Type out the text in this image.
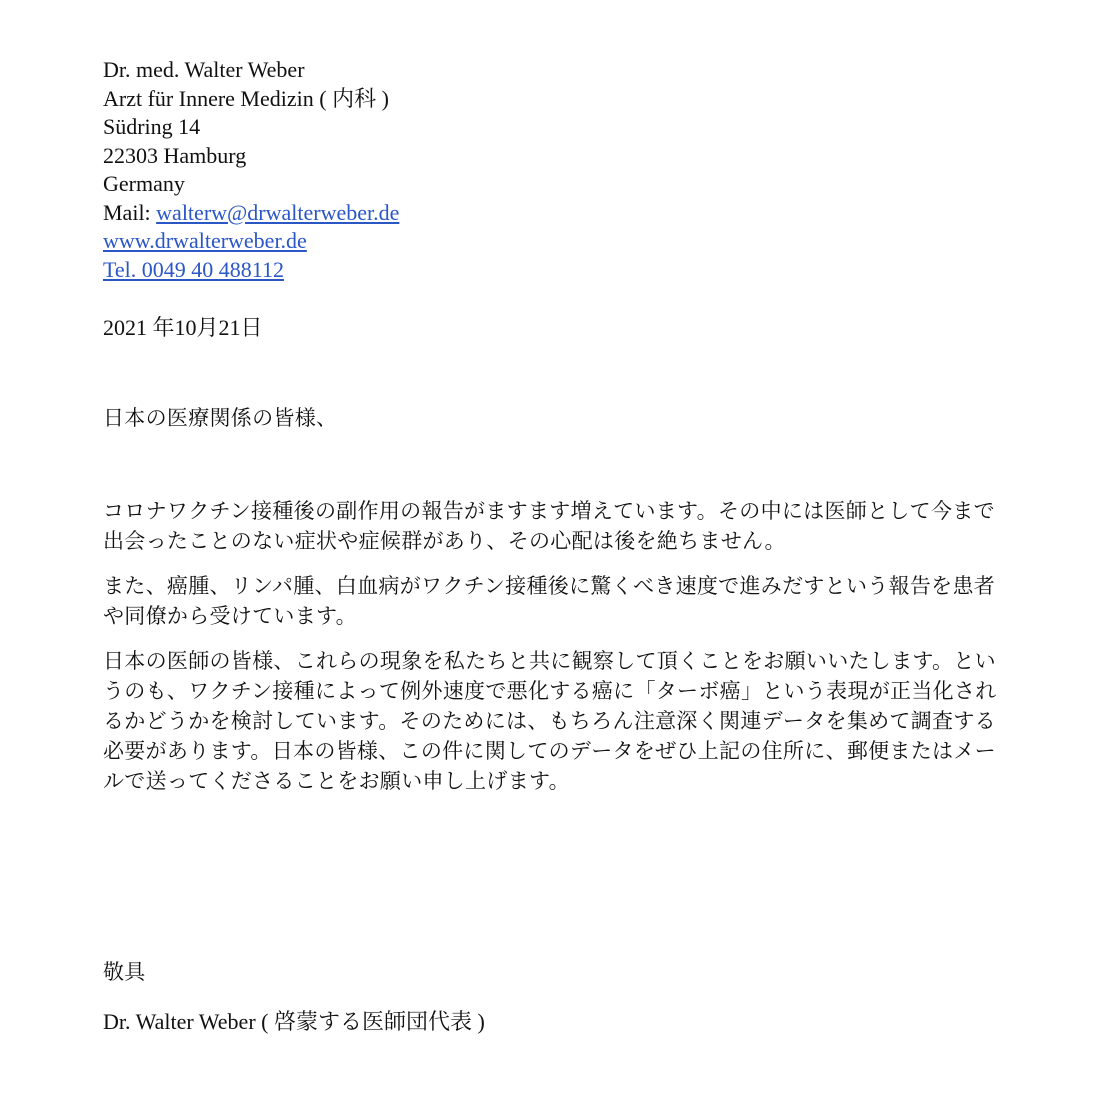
Dr. med. Walter Weber
Arzt für Innere Medizin ( 内科 )
Südring 14
22303 Hamburg
Germany
Mail: walterw@drwalterweber.de
www.drwalterweber.de
Tel. 0049 40 488112
2021 年10月21日
日本の医療関係の皆様、

コロナワクチン接種後の副作用の報告がますます増えています。その中には医師として今まで出会ったことのない症状や症候群があり、その心配は後を絶ちません。

また、癌腫、リンパ腫、白血病がワクチン接種後に驚くべき速度で進みだすという報告を患者や同僚から受けています。

日本の医師の皆様、これらの現象を私たちと共に観察して頂くことをお願いいたします。というのも、ワクチン接種によって例外速度で悪化する癌に「ターボ癌」という表現が正当化されるかどうかを検討しています。そのためには、もちろん注意深く関連データを集めて調査する必要があります。日本の皆様、この件に関してのデータをぜひ上記の住所に、郵便またはメールで送ってくださることをお願い申し上げます。

敬具
Dr. Walter Weber ( 啓蒙する医師団代表 )
